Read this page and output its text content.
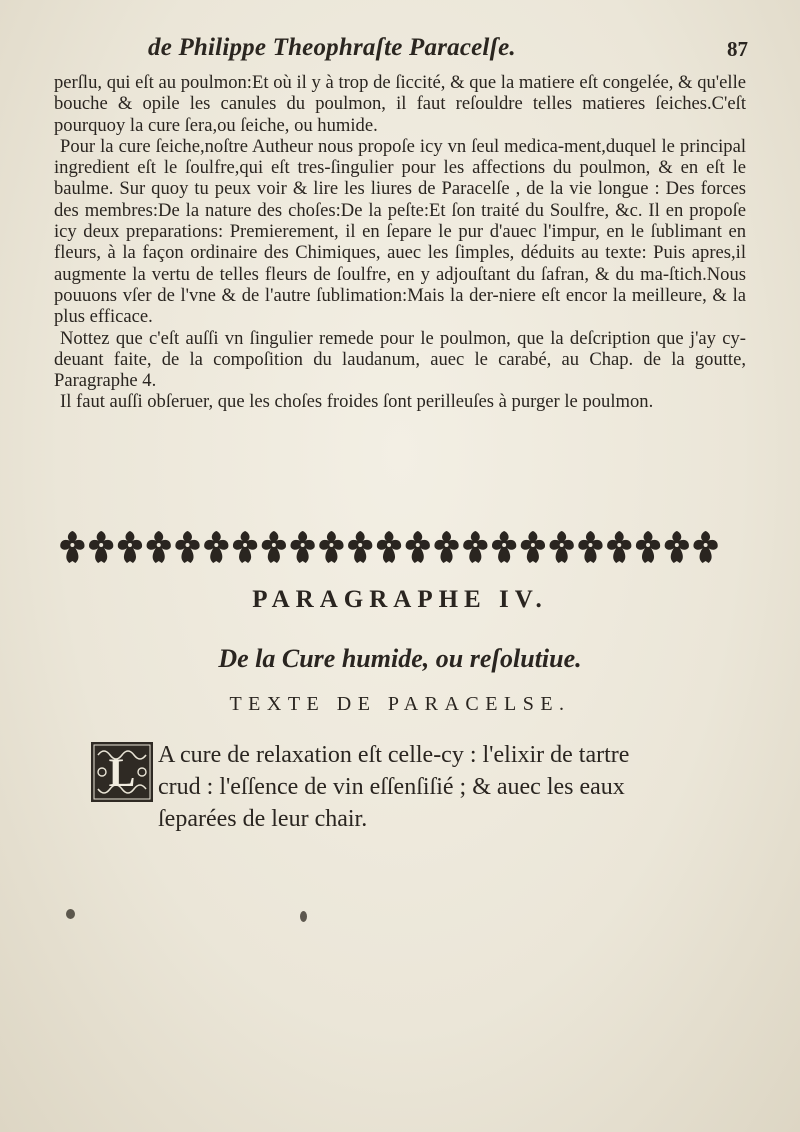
de Philippe Theophraſte Paracelſe.	87

perſlu, qui eſt au poulmon:Et où il y à trop de ſiccité, & que la matiere eſt congelée, & qu'elle bouche & opile les canules du poulmon, il faut reſouldre telles matieres ſeiches.C'eſt pourquoy la cure ſera,ou ſeiche, ou humide.

Pour la cure ſeiche,noſtre Autheur nous propoſe icy vn ſeul medica-ment,duquel le principal ingredient eſt le ſoulfre,qui eſt tres-ſingulier pour les affections du poulmon, & en eſt le baulme. Sur quoy tu peux voir & lire les liures de Paracelſe , de la vie longue : Des forces des membres:De la nature des choſes:De la peſte:Et ſon traité du Soulfre, &c. Il en propoſe icy deux preparations: Premierement, il en ſepare le pur d'auec l'impur, en le ſublimant en fleurs, à la façon ordinaire des Chimiques, auec les ſimples, déduits au texte: Puis apres,il augmente la vertu de telles fleurs de ſoulfre, en y adjouſtant du ſafran, & du ma-ſtich.Nous pouuons vſer de l'vne & de l'autre ſublimation:Mais la der-niere eſt encor la meilleure, & la plus efficace.

Nottez que c'eſt auſſi vn ſingulier remede pour le poulmon, que la deſcription que j'ay cy-deuant faite, de la compoſition du laudanum, auec le carabé, au Chap. de la goutte, Paragraphe 4.

Il faut auſſi obſeruer, que les choſes froides ſont perilleuſes à purger le poulmon.

PARAGRAPHE IV.
De la Cure humide, ou reſolutiue.
TEXTE DE PARACELSE.
L A cure de relaxation eſt celle-cy : l'elixir de tartre crud : l'eſſence de vin eſſenſiſié ; & auec les eaux ſeparées de leur chair.
